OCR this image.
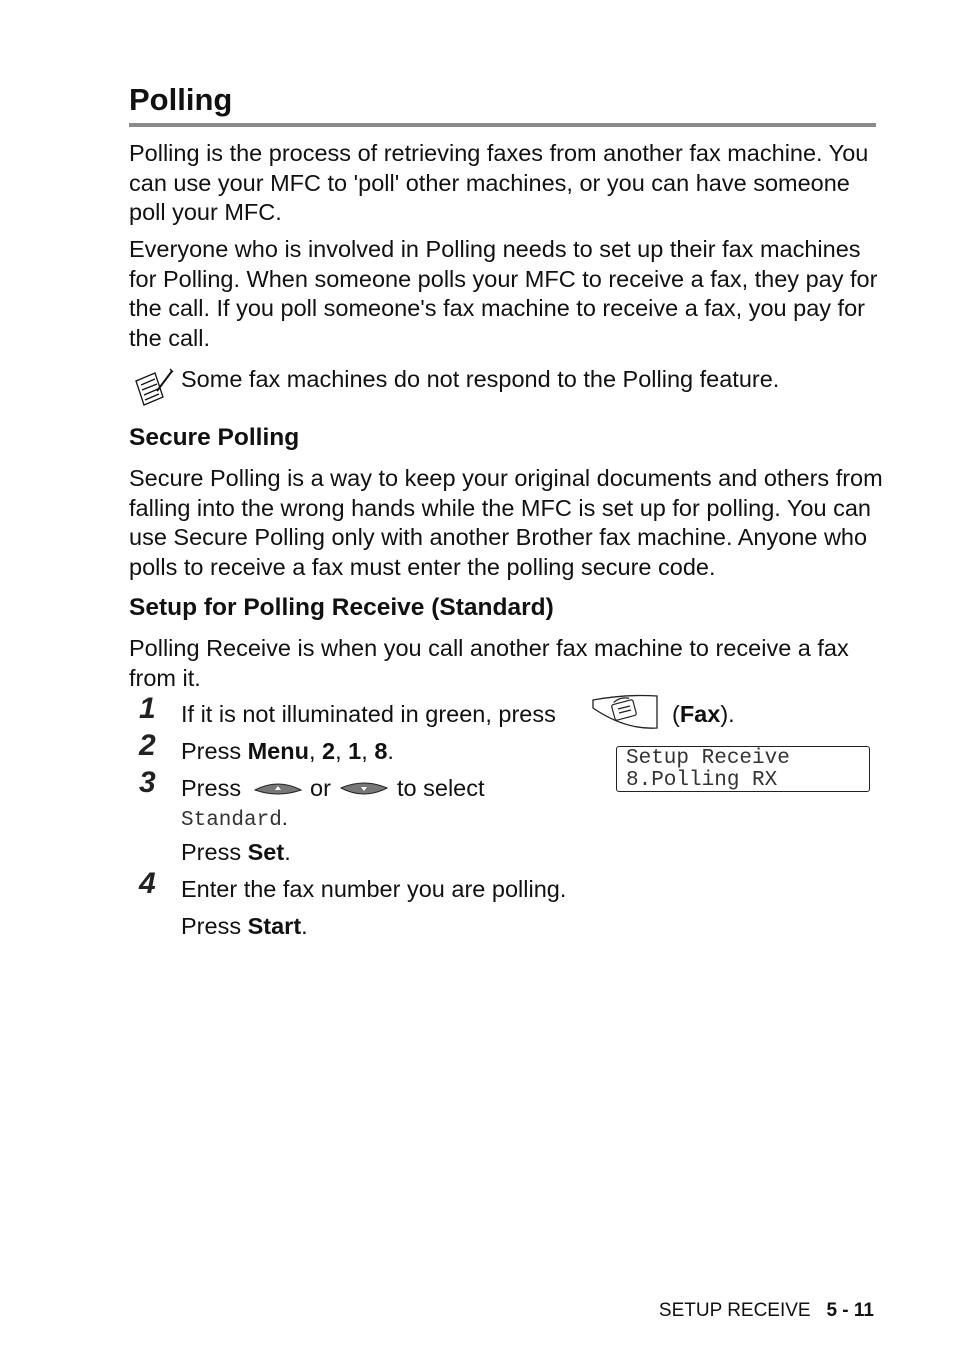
Polling

Polling is the process of retrieving faxes from another fax machine. You can use your MFC to 'poll' other machines, or you can have someone poll your MFC.

Everyone who is involved in Polling needs to set up their fax machines for Polling. When someone polls your MFC to receive a fax, they pay for the call. If you poll someone's fax machine to receive a fax, you pay for the call.

Some fax machines do not respond to the Polling feature.

Secure Polling

Secure Polling is a way to keep your original documents and others from falling into the wrong hands while the MFC is set up for polling. You can use Secure Polling only with another Brother fax machine. Anyone who polls to receive a fax must enter the polling secure code.

Setup for Polling Receive (Standard)

Polling Receive is when you call another fax machine to receive a fax from it.

1 If it is not illuminated in green, press	(Fax).
2 Press Menu, 2, 1, 8.	Setup Receive
8.Polling RX
3 Press	or	to select
Standard.
Press Set.
4 Enter the fax number you are polling.
Press Start.
SETUP RECEIVE 5 - 11
